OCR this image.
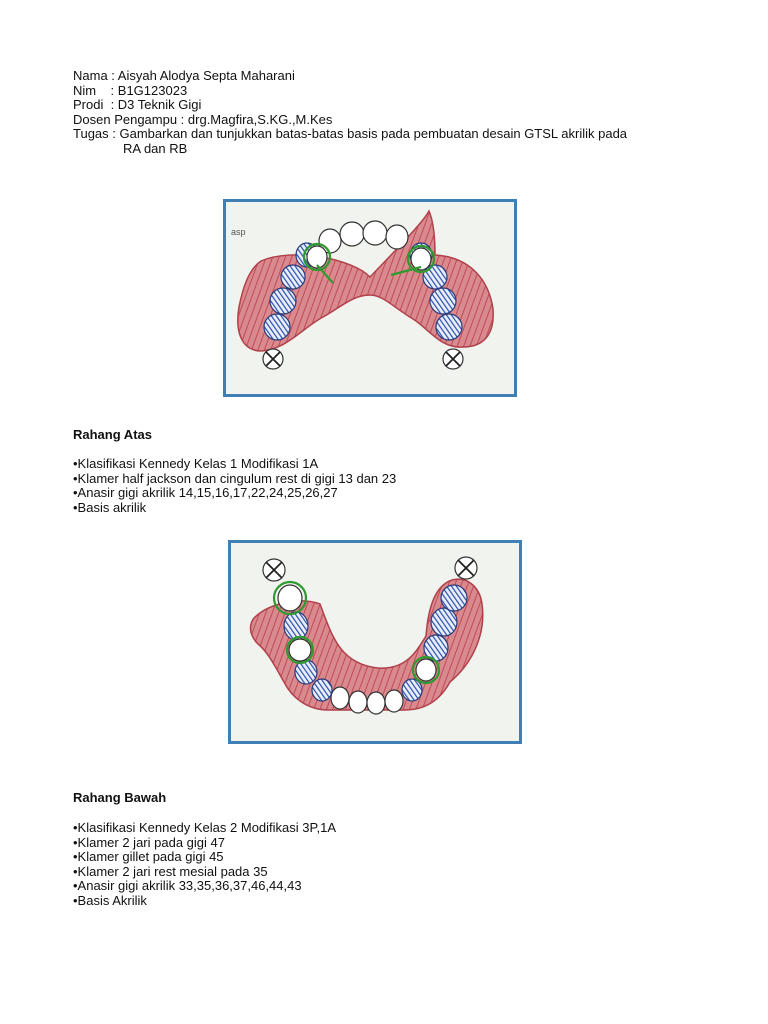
Nama : Aisyah Alodya Septa Maharani
Nim    : B1G123023
Prodi  : D3 Teknik Gigi
Dosen Pengampu : drg.Magfira,S.KG.,M.Kes
Tugas : Gambarkan dan tunjukkan batas-batas basis pada pembuatan desain GTSL akrilik pada
RA dan RB
asp
Rahang Atas
•Klasifikasi Kennedy Kelas 1 Modifikasi 1A
•Klamer half jackson dan cingulum rest di gigi 13 dan 23
•Anasir gigi akrilik 14,15,16,17,22,24,25,26,27
•Basis akrilik
Rahang Bawah
•Klasifikasi Kennedy Kelas 2 Modifikasi 3P,1A
•Klamer 2 jari pada gigi 47
•Klamer gillet pada gigi 45
•Klamer 2 jari rest mesial pada 35
•Anasir gigi akrilik 33,35,36,37,46,44,43
•Basis Akrilik
